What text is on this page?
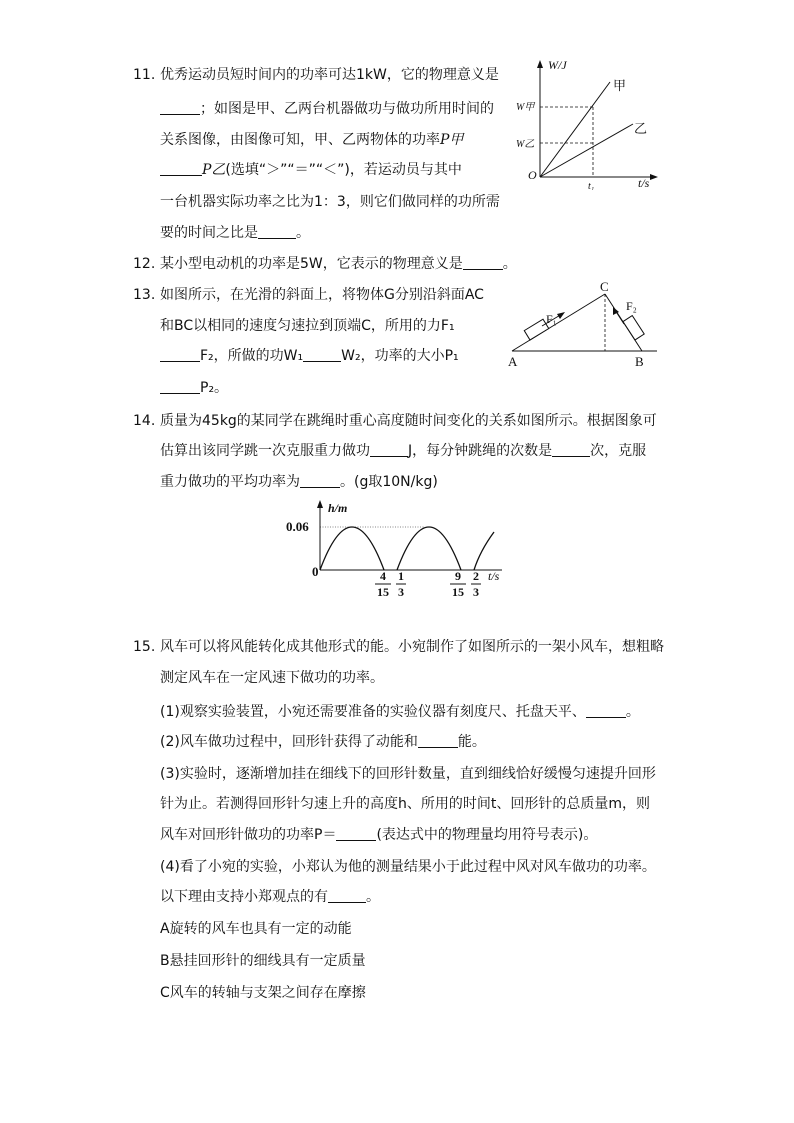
11. 优秀运动员短时间内的功率可达1kW，它的物理意义是
；如图是甲、乙两台机器做功与做功所用时间的
关系图像，由图像可知，甲、乙两物体的功率P甲
P乙(选填“＞”“＝”“＜”)，若运动员与其中
一台机器实际功率之比为1：3，则它们做同样的功所需
要的时间之比是	。
W/J
t/s
O
W甲
W乙
t₁
甲
乙
12. 某小型电动机的功率是5W，它表示的物理意义是	。
13. 如图所示，在光滑的斜面上，将物体G分别沿斜面AC
和BC以相同的速度匀速拉到顶端C，所用的力F₁
F₂，所做的功W₁	W₂，功率的大小P₁
P₂。
A	B
C
F₁
F₂
14. 质量为45kg的某同学在跳绳时重心高度随时间变化的关系如图所示。根据图象可
估算出该同学跳一次克服重力做功	J，每分钟跳绳的次数是	次，克服
重力做功的平均功率为	。(g取10N/kg)
h/m
t/s
0.06
0	4
15
1
3
9
15
2
3
15. 风车可以将风能转化成其他形式的能。小宛制作了如图所示的一架小风车，想粗略
测定风车在一定风速下做功的功率。
(1)观察实验装置，小宛还需要准备的实验仪器有刻度尺、托盘天平、	。
(2)风车做功过程中，回形针获得了动能和	能。
(3)实验时，逐渐增加挂在细线下的回形针数量，直到细线恰好缓慢匀速提升回形
针为止。若测得回形针匀速上升的高度h、所用的时间t、回形针的总质量m，则
风车对回形针做功的功率P＝	(表达式中的物理量均用符号表示)。
(4)看了小宛的实验，小郑认为他的测量结果小于此过程中风对风车做功的功率。
以下理由支持小郑观点的有	。
A旋转的风车也具有一定的动能
B悬挂回形针的细线具有一定质量
C风车的转轴与支架之间存在摩擦
